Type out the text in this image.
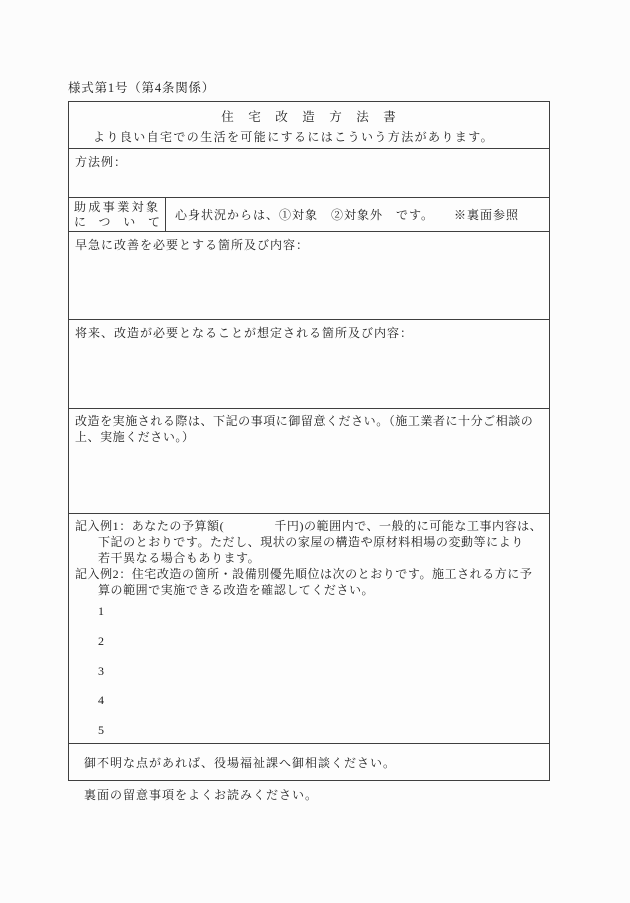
様式第1号（第4条関係）
住　宅　改　造　方　法　書
より良い自宅での生活を可能にするにはこういう方法があります。
方法例：
助成事業対象
について	心身状況からは、①対象　②対象外　です。　　※裏面参照
早急に改善を必要とする箇所及び内容：
将来、改造が必要となることが想定される箇所及び内容：
改造を実施される際は、下記の事項に御留意ください。（施工業者に十分ご相談の
上、実施ください。）
記入例1：あなたの予算額(　　　　千円)の範囲内で、一般的に可能な工事内容は、
下記のとおりです。ただし、現状の家屋の構造や原材料相場の変動等により
若干異なる場合もあります。
記入例2：住宅改造の箇所・設備別優先順位は次のとおりです。施工される方に予
算の範囲で実施できる改造を確認してください。
1
2
3
4
5
御不明な点があれば、役場福祉課へ御相談ください。
裏面の留意事項をよくお読みください。
